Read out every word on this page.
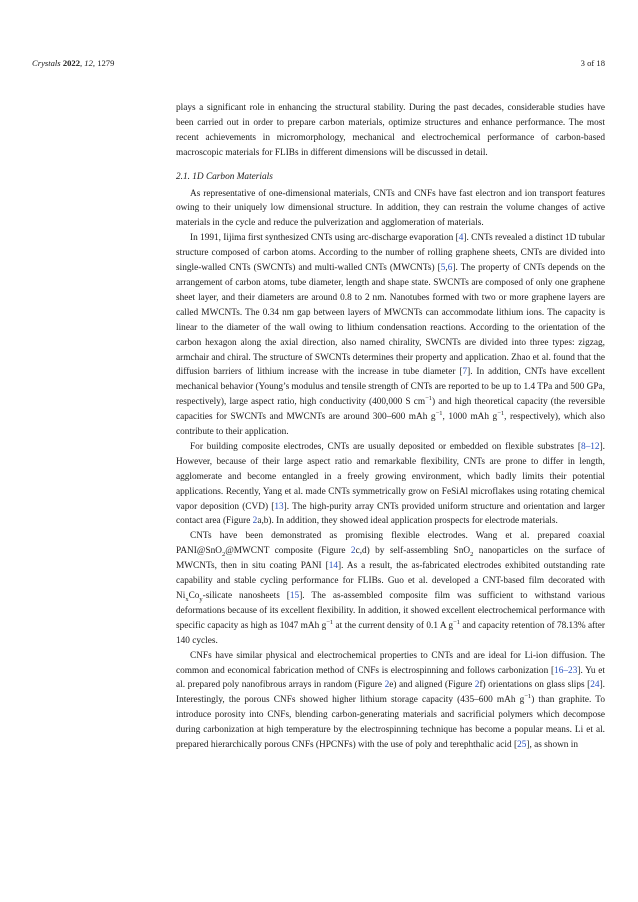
Crystals 2022, 12, 1279	3 of 18

plays a significant role in enhancing the structural stability. During the past decades, considerable studies have been carried out in order to prepare carbon materials, optimize structures and enhance performance. The most recent achievements in micromorphology, mechanical and electrochemical performance of carbon-based macroscopic materials for FLIBs in different dimensions will be discussed in detail.

2.1. 1D Carbon Materials

As representative of one-dimensional materials, CNTs and CNFs have fast electron and ion transport features owing to their uniquely low dimensional structure. In addition, they can restrain the volume changes of active materials in the cycle and reduce the pulverization and agglomeration of materials.

In 1991, Iijima first synthesized CNTs using arc-discharge evaporation [4]. CNTs revealed a distinct 1D tubular structure composed of carbon atoms. According to the number of rolling graphene sheets, CNTs are divided into single-walled CNTs (SWCNTs) and multi-walled CNTs (MWCNTs) [5,6]. The property of CNTs depends on the arrangement of carbon atoms, tube diameter, length and shape state. SWCNTs are composed of only one graphene sheet layer, and their diameters are around 0.8 to 2 nm. Nanotubes formed with two or more graphene layers are called MWCNTs. The 0.34 nm gap between layers of MWCNTs can accommodate lithium ions. The capacity is linear to the diameter of the wall owing to lithium condensation reactions. According to the orientation of the carbon hexagon along the axial direction, also named chirality, SWCNTs are divided into three types: zigzag, armchair and chiral. The structure of SWCNTs determines their property and application. Zhao et al. found that the diffusion barriers of lithium increase with the increase in tube diameter [7]. In addition, CNTs have excellent mechanical behavior (Young’s modulus and tensile strength of CNTs are reported to be up to 1.4 TPa and 500 GPa, respectively), large aspect ratio, high conductivity (400,000 S $cm^{-1}$) and high theoretical capacity (the reversible capacities for SWCNTs and MWCNTs are around 300–600 mAh $g^{-1}$, 1000 mAh $g^{-1}$, respectively), which also contribute to their application.

For building composite electrodes, CNTs are usually deposited or embedded on flexible substrates [8–12]. However, because of their large aspect ratio and remarkable flexibility, CNTs are prone to differ in length, agglomerate and become entangled in a freely growing environment, which badly limits their potential applications. Recently, Yang et al. made CNTs symmetrically grow on FeSiAl microflakes using rotating chemical vapor deposition (CVD) [13]. The high-purity array CNTs provided uniform structure and orientation and larger contact area (Figure 2a,b). In addition, they showed ideal application prospects for electrode materials.

CNTs have been demonstrated as promising flexible electrodes. Wang et al. prepared coaxial PANI@SnO$_2$@MWCNT composite (Figure 2c,d) by self-assembling SnO$_2$ nanoparticles on the surface of MWCNTs, then in situ coating PANI [14]. As a result, the as-fabricated electrodes exhibited outstanding rate capability and stable cycling performance for FLIBs. Guo et al. developed a CNT-based film decorated with $Ni_xCo_y$-silicate nanosheets [15]. The as-assembled composite film was sufficient to withstand various deformations because of its excellent flexibility. In addition, it showed excellent electrochemical performance with specific capacity as high as 1047 mAh $g^{-1}$ at the current density of 0.1 A $g^{-1}$ and capacity retention of 78.13% after 140 cycles.

CNFs have similar physical and electrochemical properties to CNTs and are ideal for Li-ion diffusion. The common and economical fabrication method of CNFs is electrospinning and follows carbonization [16–23]. Yu et al. prepared poly nanofibrous arrays in random (Figure 2e) and aligned (Figure 2f) orientations on glass slips [24]. Interestingly, the porous CNFs showed higher lithium storage capacity (435–600 mAh $g^{-1}$) than graphite. To introduce porosity into CNFs, blending carbon-generating materials and sacrificial polymers which decompose during carbonization at high temperature by the electrospinning technique has become a popular means. Li et al. prepared hierarchically porous CNFs (HPCNFs) with the use of poly and terephthalic acid [25], as shown in
